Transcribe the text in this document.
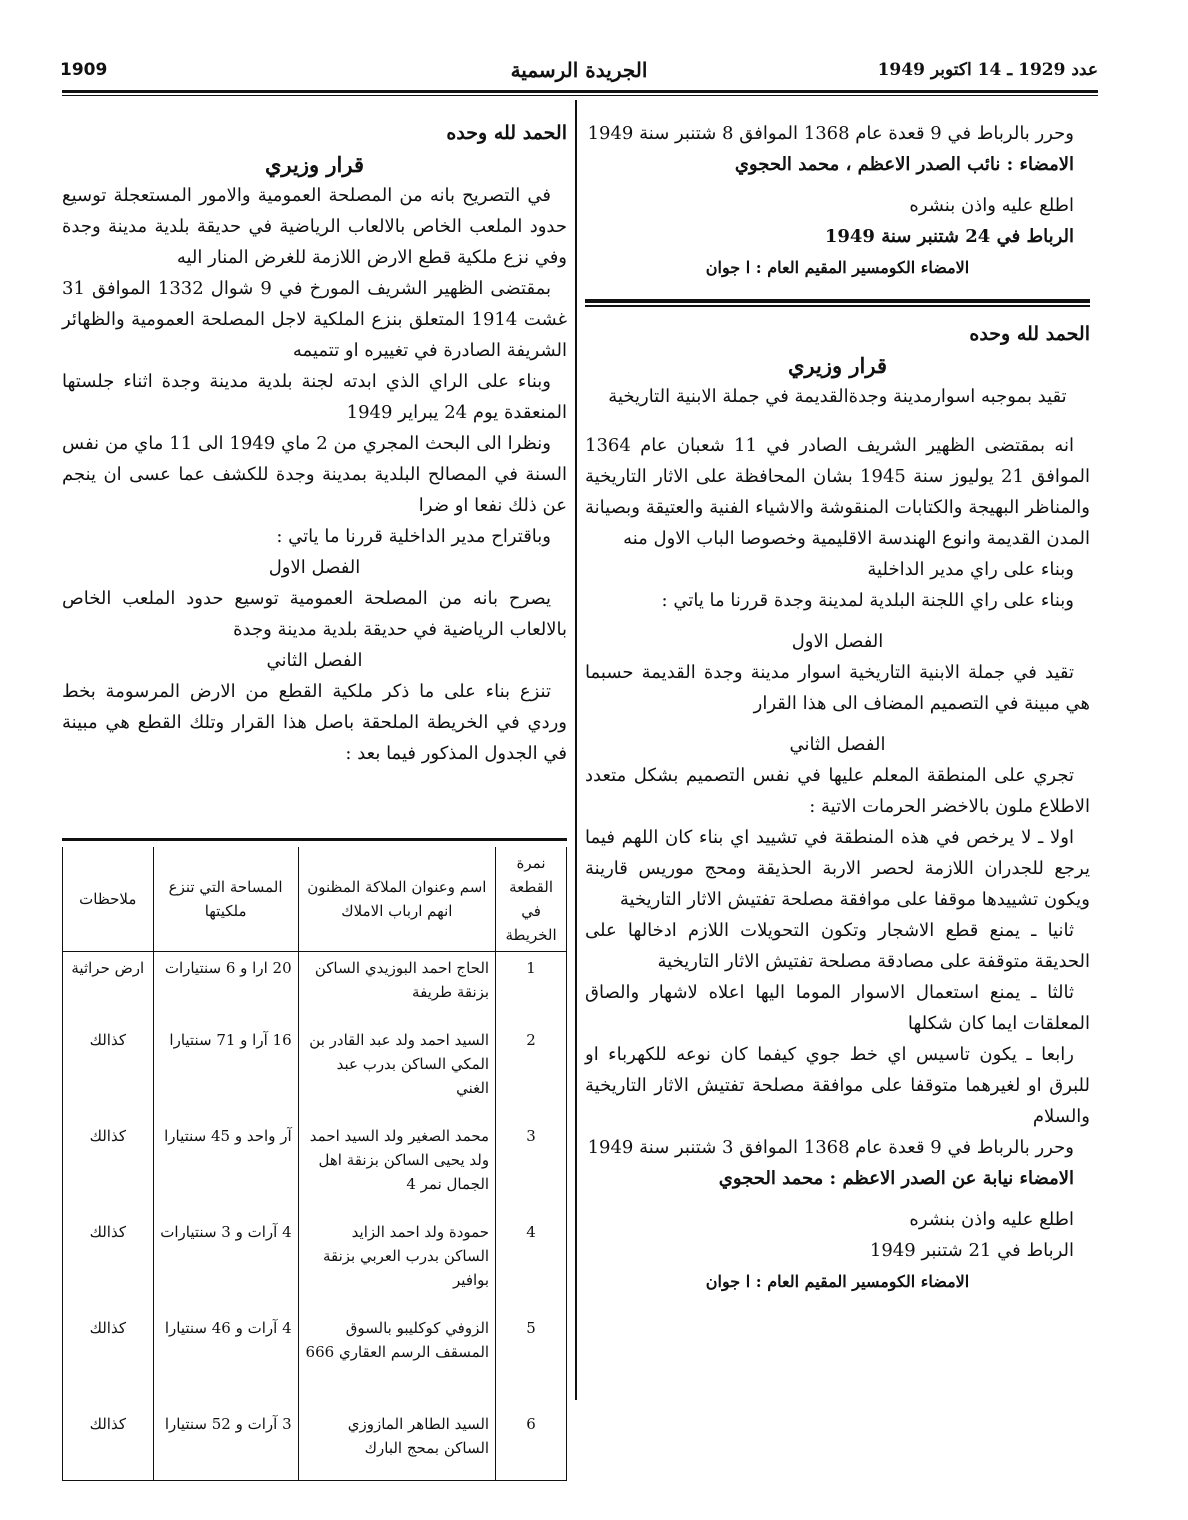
1909	الجريدة الرسمية	عدد 1929 ـ 14 اكتوبر 1949

وحرر بالرباط في 9 قعدة عام 1368 الموافق 8 شتنبر سنة 1949

الامضاء : نائب الصدر الاعظم ، محمد الحجوي

اطلع عليه واذن بنشره

الرباط في 24 شتنبر سنة 1949

الامضاء الكومسير المقيم العام : ا جوان

الحمد لله وحده

قرار وزيري

تقيد بموجبه اسوارمدينة وجدةالقديمة في جملة الابنية التاريخية

انه بمقتضى الظهير الشريف الصادر في 11 شعبان عام 1364 الموافق 21 يوليوز سنة 1945 بشان المحافظة على الاثار التاريخية والمناظر البهيجة والكتابات المنقوشة والاشياء الفنية والعتيقة وبصيانة المدن القديمة وانوع الهندسة الاقليمية وخصوصا الباب الاول منه

وبناء على راي مدير الداخلية

وبناء على راي اللجنة البلدية لمدينة وجدة قررنا ما ياتي :

الفصل الاول

تقيد في جملة الابنية التاريخية اسوار مدينة وجدة القديمة حسبما هي مبينة في التصميم المضاف الى هذا القرار

الفصل الثاني

تجري على المنطقة المعلم عليها في نفس التصميم بشكل متعدد الاطلاع ملون بالاخضر الحرمات الاتية :

اولا ـ لا يرخص في هذه المنطقة في تشييد اي بناء كان اللهم فيما يرجع للجدران اللازمة لحصر الاربة الحذيقة ومحج موريس قارينة ويكون تشييدها موقفا على موافقة مصلحة تفتيش الاثار التاريخية

ثانيا ـ يمنع قطع الاشجار وتكون التحويلات اللازم ادخالها على الحديقة متوقفة على مصادقة مصلحة تفتيش الاثار التاريخية

ثالثا ـ يمنع استعمال الاسوار الموما اليها اعلاه لاشهار والصاق المعلقات ايما كان شكلها

رابعا ـ يكون تاسيس اي خط جوي كيفما كان نوعه للكهرباء او للبرق او لغيرهما متوقفا على موافقة مصلحة تفتيش الاثار التاريخية والسلام

وحرر بالرباط في 9 قعدة عام 1368 الموافق 3 شتنبر سنة 1949

الامضاء نيابة عن الصدر الاعظم : محمد الحجوي

اطلع عليه واذن بنشره

الرباط في 21 شتنبر 1949

الامضاء الكومسير المقيم العام : ا جوان

الحمد لله وحده

قرار وزيري

في التصريح بانه من المصلحة العمومية والامور المستعجلة توسيع حدود الملعب الخاص بالالعاب الرياضية في حديقة بلدية مدينة وجدة وفي نزع ملكية قطع الارض اللازمة للغرض المنار اليه

بمقتضى الظهير الشريف المورخ في 9 شوال 1332 الموافق 31 غشت 1914 المتعلق بنزع الملكية لاجل المصلحة العمومية والظهائر الشريفة الصادرة في تغييره او تتميمه

وبناء على الراي الذي ابدته لجنة بلدية مدينة وجدة اثناء جلستها المنعقدة يوم 24 يبراير 1949

ونظرا الى البحث المجري من 2 ماي 1949 الى 11 ماي من نفس السنة في المصالح البلدية بمدينة وجدة للكشف عما عسى ان ينجم عن ذلك نفعا او ضرا

وباقتراح مدير الداخلية قررنا ما ياتي :

الفصل الاول

يصرح بانه من المصلحة العمومية توسيع حدود الملعب الخاص بالالعاب الرياضية في حديقة بلدية مدينة وجدة

الفصل الثاني

تنزع بناء على ما ذكر ملكية القطع من الارض المرسومة بخط وردي في الخريطة الملحقة باصل هذا القرار وتلك القطع هي مبينة في الجدول المذكور فيما بعد :

نمرة القطعة في الخريطة	اسم وعنوان الملاكة المظنون انهم ارباب الاملاك	المساحة التي تنزع ملكيتها	ملاحظات
1	الحاج احمد البوزيدي الساكن بزنقة طريفة	20 ارا و 6 سنتيارات	ارض حراثية
2	السيد احمد ولد عبد القادر بن المكي الساكن بدرب عبد الغني	16 آرا و 71 سنتيارا	كذالك
3	محمد الصغير ولد السيد احمد ولد يحيى الساكن بزنقة اهل الجمال نمر 4	آر واحد و 45 سنتيارا	كذالك
4	حمودة ولد احمد الزايد الساكن بدرب العربي بزنقة بوافير	4 آرات و 3 سنتيارات	كذالك
5	الزوفي كوكليبو بالسوق المسقف الرسم العقاري 666	4 آرات و 46 سنتيارا	كذالك
6	السيد الطاهر المازوزي الساكن بمحج البارك	3 آرات و 52 سنتيارا	كذالك
